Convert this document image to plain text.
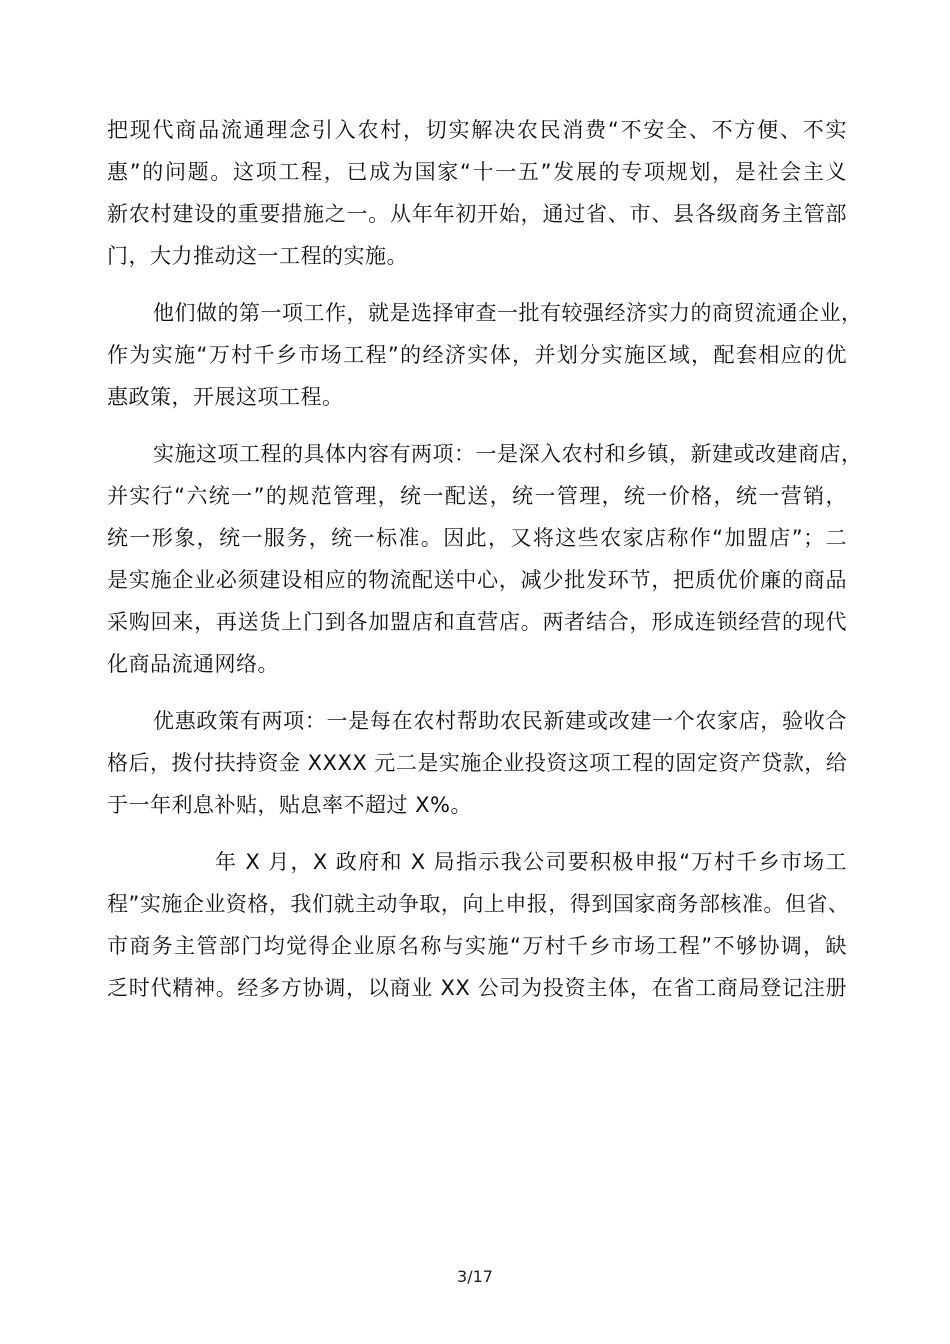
把现代商品流通理念引入农村，切实解决农民消费“不安全、不方便、不实
惠”的问题。这项工程，已成为国家“十一五”发展的专项规划，是社会主义
新农村建设的重要措施之一。从年年初开始，通过省、市、县各级商务主管部
门，大力推动这一工程的实施。
他们做的第一项工作，就是选择审查一批有较强经济实力的商贸流通企业，
作为实施“万村千乡市场工程”的经济实体，并划分实施区域，配套相应的优
惠政策，开展这项工程。
实施这项工程的具体内容有两项：一是深入农村和乡镇，新建或改建商店，
并实行“六统一”的规范管理，统一配送，统一管理，统一价格，统一营销，
统一形象，统一服务，统一标准。因此，又将这些农家店称作“加盟店”；二
是实施企业必须建设相应的物流配送中心，减少批发环节，把质优价廉的商品
采购回来，再送货上门到各加盟店和直营店。两者结合，形成连锁经营的现代
化商品流通网络。
优惠政策有两项：一是每在农村帮助农民新建或改建一个农家店，验收合
格后，拨付扶持资金 XXXX 元二是实施企业投资这项工程的固定资产贷款，给
于一年利息补贴，贴息率不超过 X%。
年 X 月，X 政府和 X 局指示我公司要积极申报“万村千乡市场工
程”实施企业资格，我们就主动争取，向上申报，得到国家商务部核准。但省、
市商务主管部门均觉得企业原名称与实施“万村千乡市场工程”不够协调，缺
乏时代精神。经多方协调，以商业 XX 公司为投资主体，在省工商局登记注册
3/17
